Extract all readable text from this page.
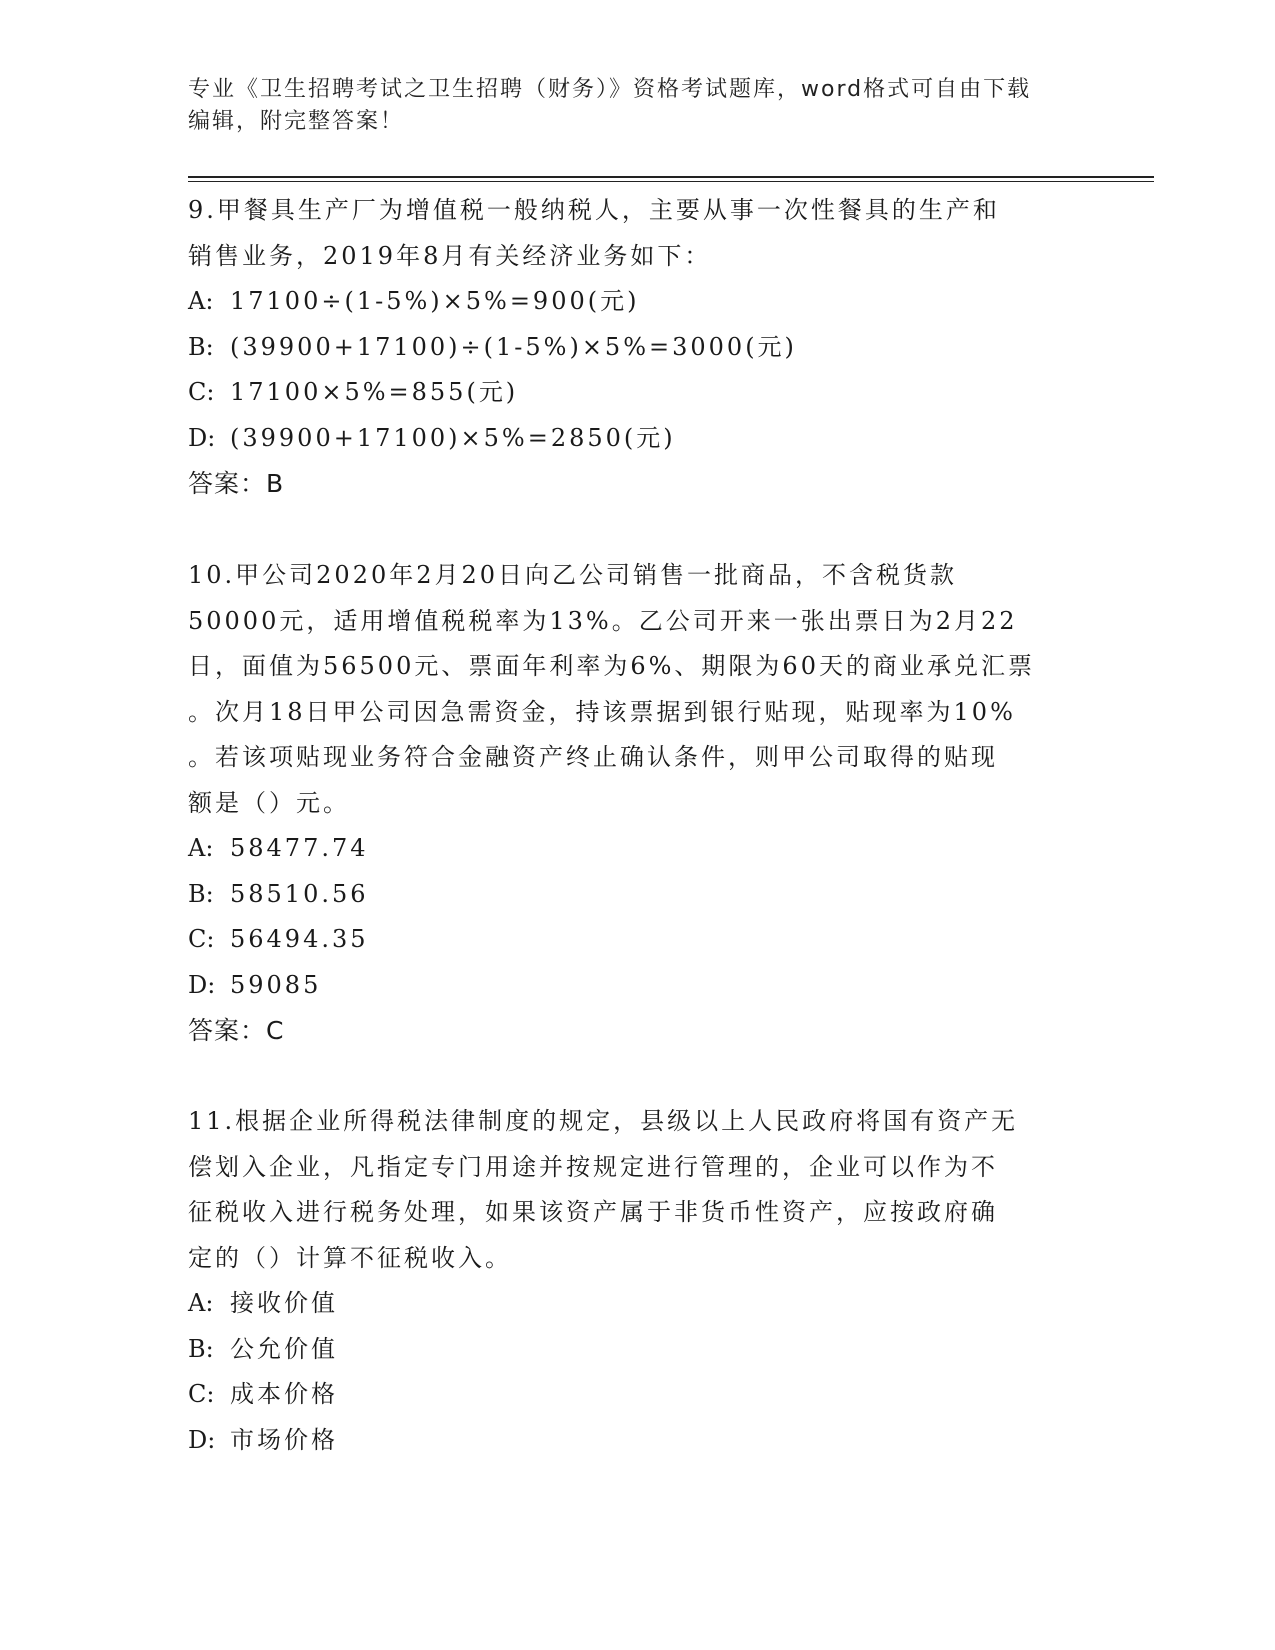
专业《卫生招聘考试之卫生招聘（财务）》资格考试题库，word格式可自由下载
编辑，附完整答案！

9.甲餐具生产厂为增值税一般纳税人，主要从事一次性餐具的生产和

销售业务，2019年8月有关经济业务如下：

A: 17100÷(1-5%)×5%=900(元)

B: (39900+17100)÷(1-5%)×5%=3000(元)

C: 17100×5%=855(元)

D: (39900+17100)×5%=2850(元)

答案：B

10.甲公司2020年2月20日向乙公司销售一批商品，不含税货款

50000元，适用增值税税率为13%。乙公司开来一张出票日为2月22

日，面值为56500元、票面年利率为6%、期限为60天的商业承兑汇票

。次月18日甲公司因急需资金，持该票据到银行贴现，贴现率为10%

。若该项贴现业务符合金融资产终止确认条件，则甲公司取得的贴现

额是（）元。

A: 58477.74

B: 58510.56

C: 56494.35

D: 59085

答案：C

11.根据企业所得税法律制度的规定，县级以上人民政府将国有资产无

偿划入企业，凡指定专门用途并按规定进行管理的，企业可以作为不

征税收入进行税务处理，如果该资产属于非货币性资产，应按政府确

定的（）计算不征税收入。

A: 接收价值

B: 公允价值

C: 成本价格

D: 市场价格
